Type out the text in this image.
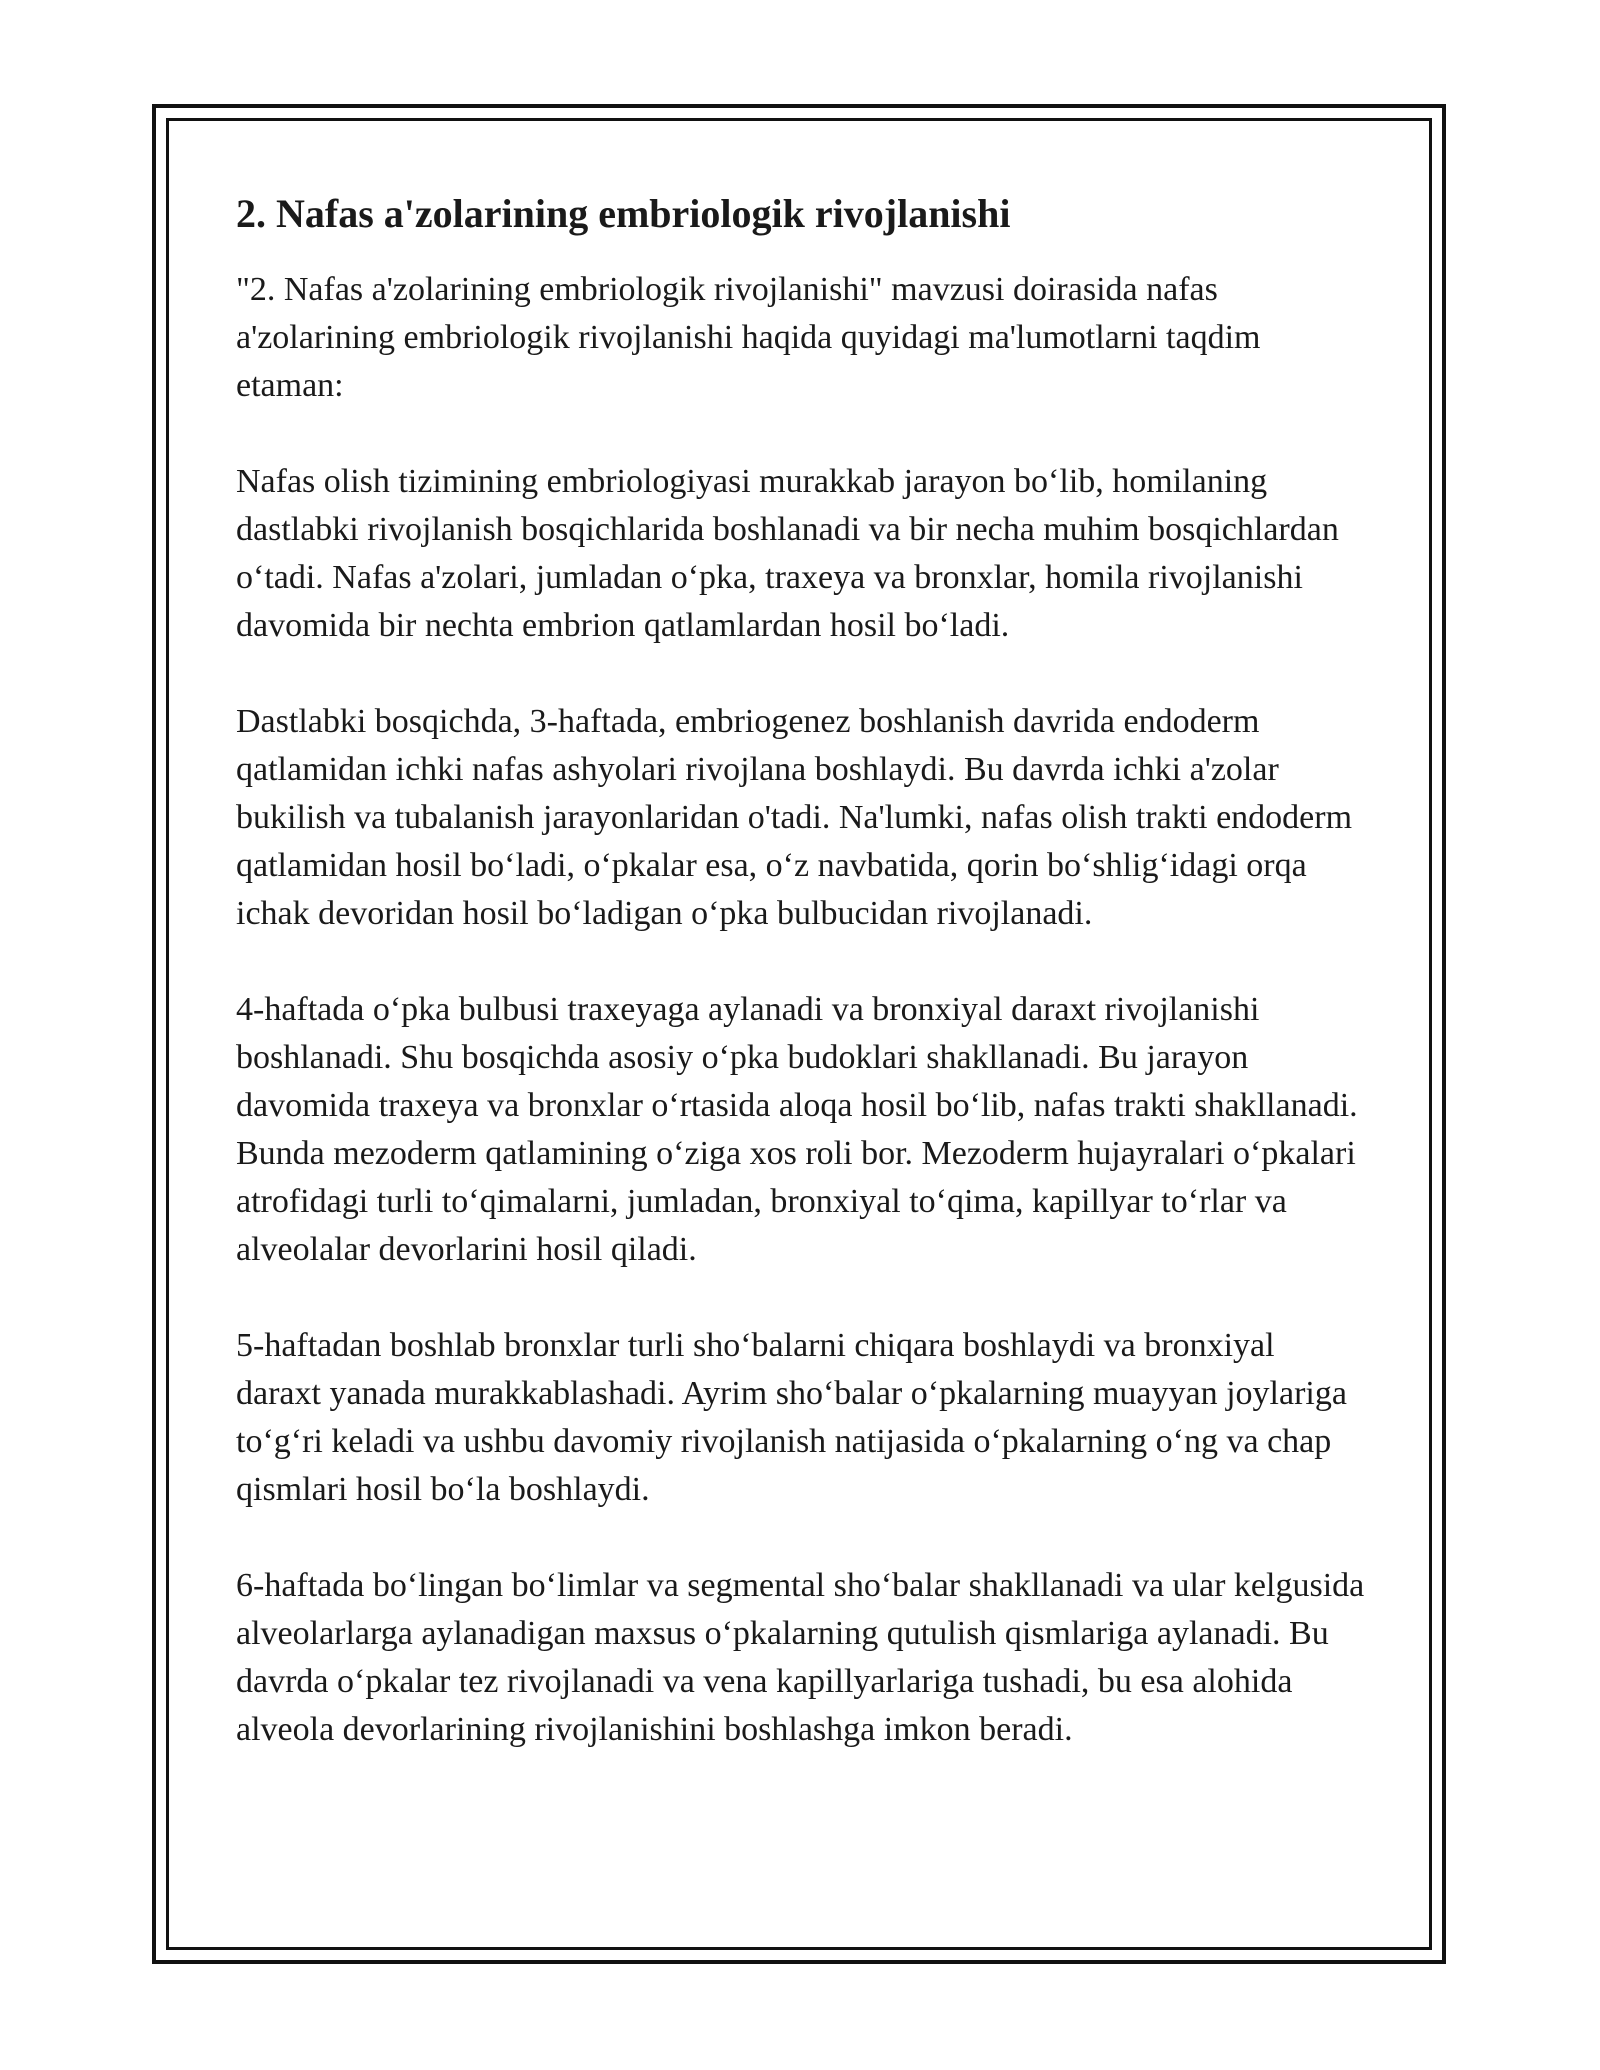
2. Nafas a'zolarining embriologik rivojlanishi

"2. Nafas a'zolarining embriologik rivojlanishi" mavzusi doirasida nafas a'zolarining embriologik rivojlanishi haqida quyidagi ma'lumotlarni taqdim etaman:

Nafas olish tizimining embriologiyasi murakkab jarayon boʻlib, homilaning dastlabki rivojlanish bosqichlarida boshlanadi va bir necha muhim bosqichlardan oʻtadi. Nafas a'zolari, jumladan oʻpka, traxeya va bronxlar, homila rivojlanishi davomida bir nechta embrion qatlamlardan hosil boʻladi.

Dastlabki bosqichda, 3-haftada, embriogenez boshlanish davrida endoderm qatlamidan ichki nafas ashyolari rivojlana boshlaydi. Bu davrda ichki a'zolar bukilish va tubalanish jarayonlaridan o'tadi. Na'lumki, nafas olish trakti endoderm qatlamidan hosil boʻladi, oʻpkalar esa, oʻz navbatida, qorin boʻshligʻidagi orqa ichak devoridan hosil boʻladigan oʻpka bulbucidan rivojlanadi.

4-haftada oʻpka bulbusi traxeyaga aylanadi va bronxiyal daraxt rivojlanishi boshlanadi. Shu bosqichda asosiy oʻpka budoklari shakllanadi. Bu jarayon davomida traxeya va bronxlar oʻrtasida aloqa hosil boʻlib, nafas trakti shakllanadi. Bunda mezoderm qatlamining oʻziga xos roli bor. Mezoderm hujayralari oʻpkalari atrofidagi turli toʻqimalarni, jumladan, bronxiyal toʻqima, kapillyar toʻrlar va alveolalar devorlarini hosil qiladi.

5-haftadan boshlab bronxlar turli shoʻbalarni chiqara boshlaydi va bronxiyal daraxt yanada murakkablashadi. Ayrim shoʻbalar oʻpkalarning muayyan joylariga toʻgʻri keladi va ushbu davomiy rivojlanish natijasida oʻpkalarning oʻng va chap qismlari hosil boʻla boshlaydi.

6-haftada boʻlingan boʻlimlar va segmental shoʻbalar shakllanadi va ular kelgusida alveolarlarga aylanadigan maxsus oʻpkalarning qutulish qismlariga aylanadi. Bu davrda oʻpkalar tez rivojlanadi va vena kapillyarlariga tushadi, bu esa alohida alveola devorlarining rivojlanishini boshlashga imkon beradi.
